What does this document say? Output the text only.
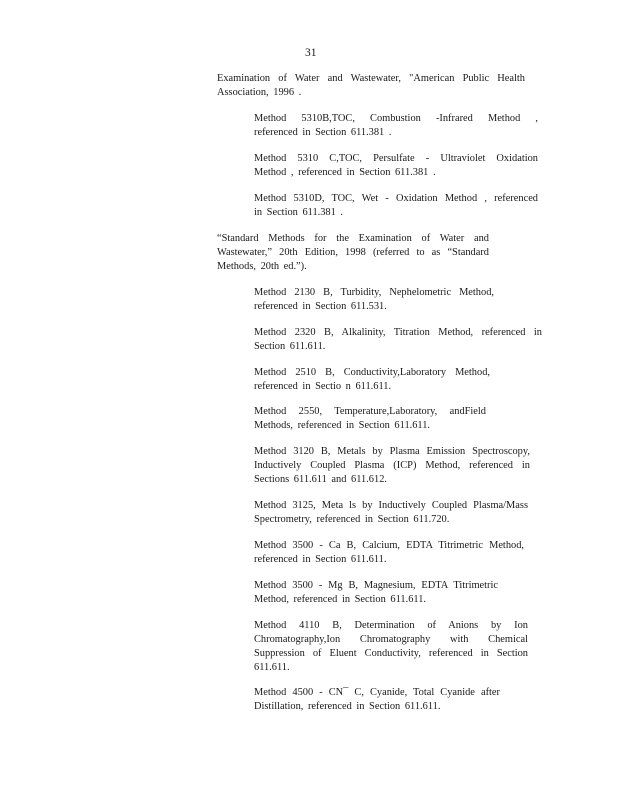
31
Examination of Water and Wastewater, "American Public Health
Association, 1996 .
Method 5310B,TOC, Combustion -Infrared Method ,
referenced in Section 611.381 .
Method 5310 C,TOC, Persulfate - Ultraviolet Oxidation
Method , referenced in Section 611.381 .
Method 5310D, TOC, Wet - Oxidation Method , referenced
in Section 611.381 .
“Standard Methods for the Examination of Water and
Wastewater,” 20th Edition, 1998 (referred to as “Standard
Methods, 20th ed.”).
Method 2130 B, Turbidity, Nephelometric Method,
referenced in Section 611.531.
Method 2320 B, Alkalinity, Titration Method, referenced in
Section 611.611.
Method 2510 B, Conductivity,Laboratory Method,
referenced in Sectio n 611.611.
Method 2550, Temperature,Laboratory, andField
Methods, referenced in Section 611.611.
Method 3120 B, Metals by Plasma Emission Spectroscopy,
Inductively Coupled Plasma (ICP) Method, referenced in
Sections 611.611 and 611.612.
Method 3125, Meta ls by Inductively Coupled Plasma/Mass
Spectrometry, referenced in Section 611.720.
Method 3500 - Ca B, Calcium, EDTA Titrimetric Method,
referenced in Section 611.611.
Method 3500 - Mg B, Magnesium, EDTA Titrimetric
Method, referenced in Section 611.611.
Method 4110 B, Determination of Anions by Ion
Chromatography,Ion Chromatography with Chemical
Suppression of Eluent Conductivity, referenced in Section
611.611.
Method 4500 - CN¯ C, Cyanide, Total Cyanide after
Distillation, referenced in Section 611.611.
